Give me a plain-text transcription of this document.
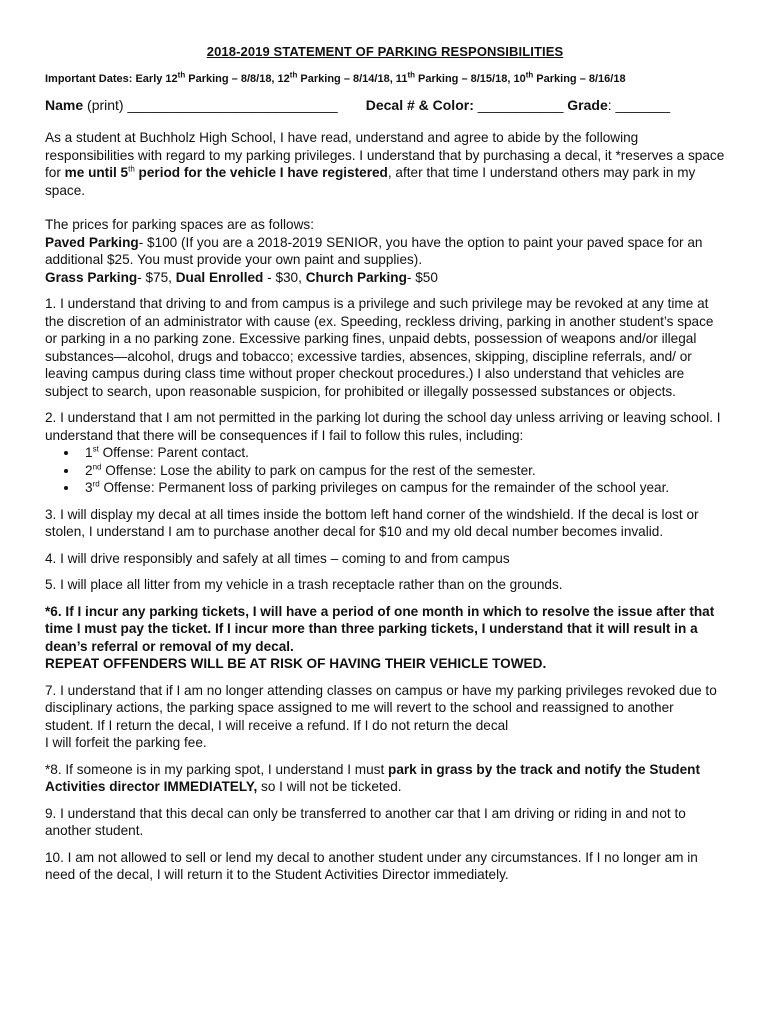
2018-2019 STATEMENT OF PARKING RESPONSIBILITIES
Important Dates: Early 12th Parking – 8/8/18, 12th Parking – 8/14/18, 11th Parking – 8/15/18, 10th Parking – 8/16/18
Name (print) ___________________________ Decal # & Color: ___________ Grade: _______

As a student at Buchholz High School, I have read, understand and agree to abide by the following responsibilities with regard to my parking privileges. I understand that by purchasing a decal, it *reserves a space for me until 5th period for the vehicle I have registered, after that time I understand others may park in my space.

The prices for parking spaces are as follows:

Paved Parking- $100 (If you are a 2018-2019 SENIOR, you have the option to paint your paved space for an additional $25. You must provide your own paint and supplies).

Grass Parking- $75, Dual Enrolled - $30, Church Parking- $50

1. I understand that driving to and from campus is a privilege and such privilege may be revoked at any time at the discretion of an administrator with cause (ex. Speeding, reckless driving, parking in another student’s space or parking in a no parking zone. Excessive parking fines, unpaid debts, possession of weapons and/or illegal substances—alcohol, drugs and tobacco; excessive tardies, absences, skipping, discipline referrals, and/ or leaving campus during class time without proper checkout procedures.) I also understand that vehicles are subject to search, upon reasonable suspicion, for prohibited or illegally possessed substances or objects.

2. I understand that I am not permitted in the parking lot during the school day unless arriving or leaving school. I understand that there will be consequences if I fail to follow this rules, including:

• 1st Offense: Parent contact.
• 2nd Offense: Lose the ability to park on campus for the rest of the semester.
• 3rd Offense: Permanent loss of parking privileges on campus for the remainder of the school year.

3. I will display my decal at all times inside the bottom left hand corner of the windshield. If the decal is lost or stolen, I understand I am to purchase another decal for $10 and my old decal number becomes invalid.

4. I will drive responsibly and safely at all times – coming to and from campus

5. I will place all litter from my vehicle in a trash receptacle rather than on the grounds.

*6. If I incur any parking tickets, I will have a period of one month in which to resolve the issue after that time I must pay the ticket. If I incur more than three parking tickets, I understand that it will result in a dean’s referral or removal of my decal.

REPEAT OFFENDERS WILL BE AT RISK OF HAVING THEIR VEHICLE TOWED.

7. I understand that if I am no longer attending classes on campus or have my parking privileges revoked due to disciplinary actions, the parking space assigned to me will revert to the school and reassigned to another student. If I return the decal, I will receive a refund. If I do not return the decal

I will forfeit the parking fee.

*8. If someone is in my parking spot, I understand I must park in grass by the track and notify the Student Activities director IMMEDIATELY, so I will not be ticketed.

9. I understand that this decal can only be transferred to another car that I am driving or riding in and not to another student.

10. I am not allowed to sell or lend my decal to another student under any circumstances. If I no longer am in need of the decal, I will return it to the Student Activities Director immediately.
